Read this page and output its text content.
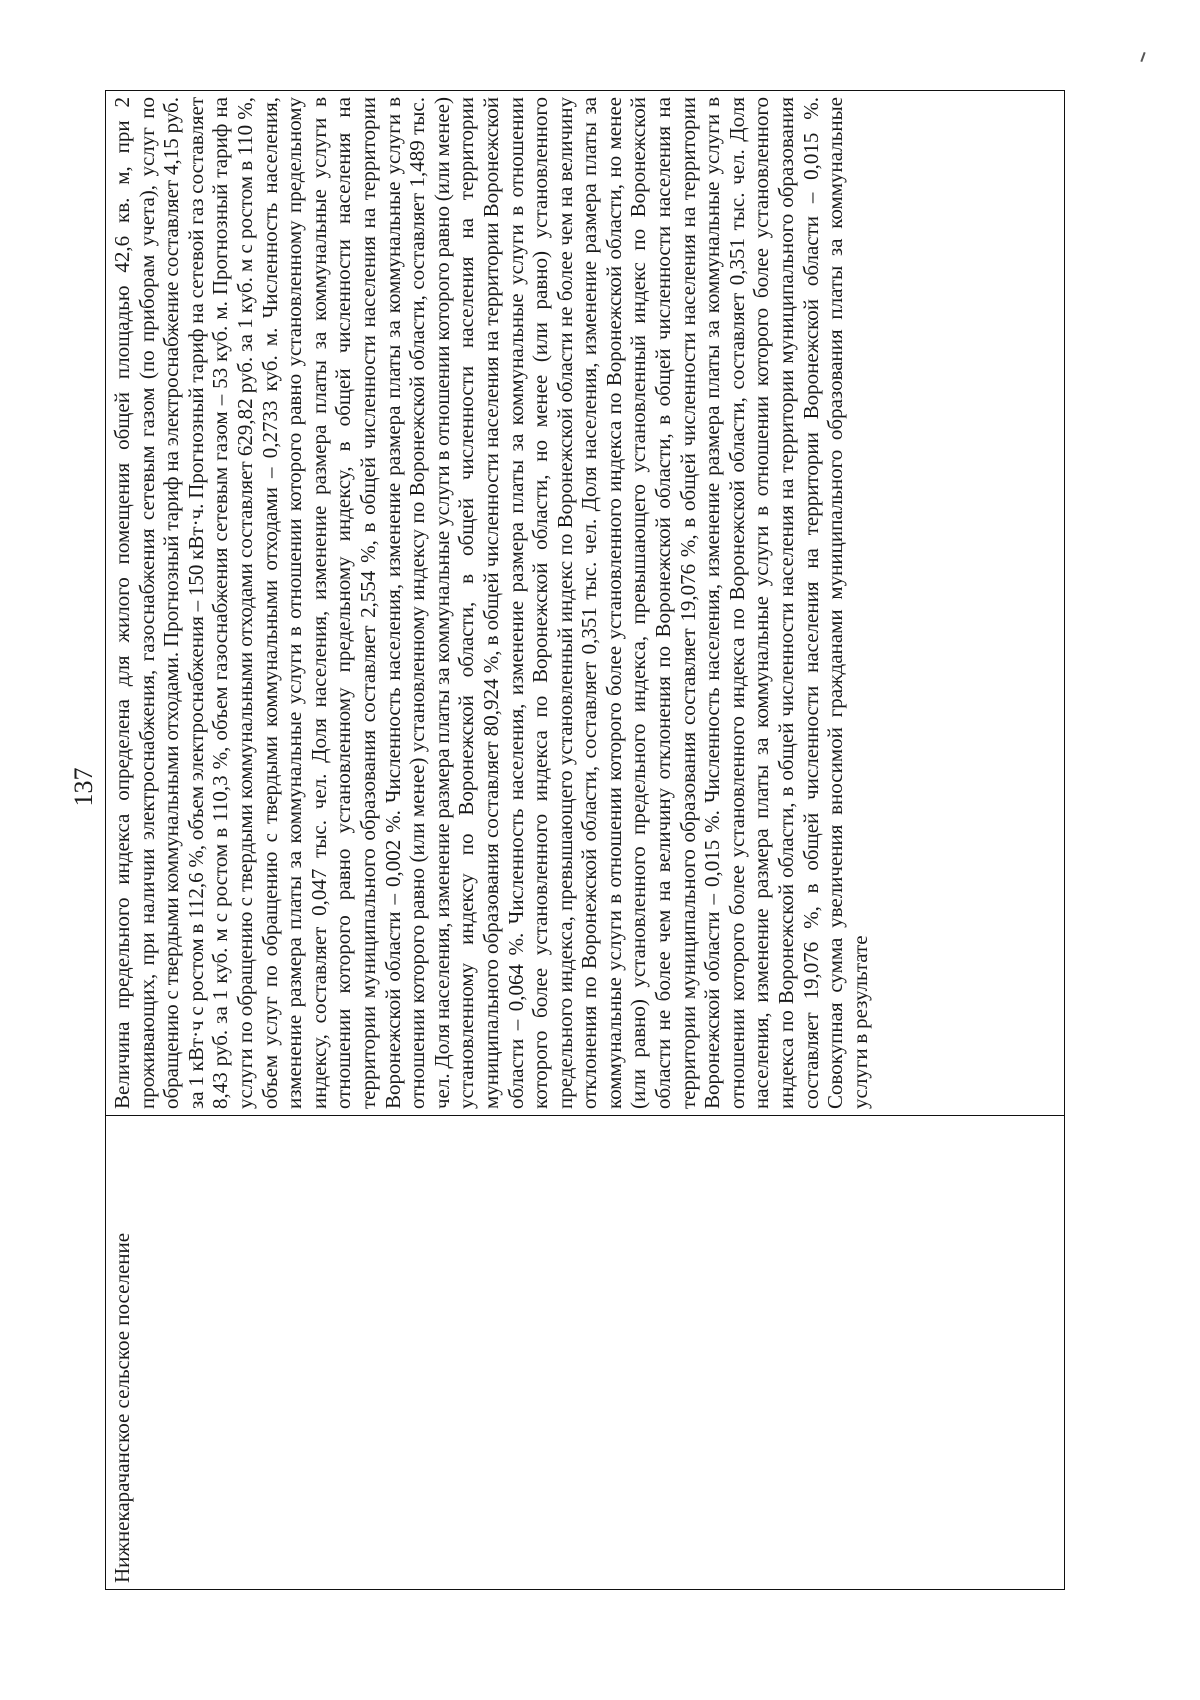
137
Нижнекарачанское сельское поселение
Величина предельного индекса определена для жилого помещения общей площадью 42,6 кв. м, при 2 проживающих, при наличии электроснабжения, газоснабжения сетевым газом (по приборам учета), услуг по обращению с твердыми коммунальными отходами. Прогнозный тариф на электроснабжение составляет 4,15 руб. за 1 кВт·ч с ростом в 112,6 %, объем электроснабжения – 150 кВт·ч. Прогнозный тариф на сетевой газ составляет 8,43 руб. за 1 куб. м с ростом в 110,3 %, объем газоснабжения сетевым газом – 53 куб. м. Прогнозный тариф на услуги по обращению с твердыми коммунальными отходами составляет 629,82 руб. за 1 куб. м с ростом в 110 %, объем услуг по обращению с твердыми коммунальными отходами – 0,2733 куб. м. Численность населения, изменение размера платы за коммунальные услуги в отношении которого равно установленному предельному индексу, составляет 0,047 тыс. чел. Доля населения, изменение размера платы за коммунальные услуги в отношении которого равно установленному предельному индексу, в общей численности населения на территории муниципального образования составляет 2,554 %, в общей численности населения на территории Воронежской области – 0,002 %. Численность населения, изменение размера платы за коммунальные услуги в отношении которого равно (или менее) установленному индексу по Воронежской области, составляет 1,489 тыс. чел. Доля населения, изменение размера платы за коммунальные услуги в отношении которого равно (или менее) установленному индексу по Воронежской области, в общей численности населения на территории муниципального образования составляет 80,924 %, в общей численности населения на территории Воронежской области – 0,064 %. Численность населения, изменение размера платы за коммунальные услуги в отношении которого более установленного индекса по Воронежской области, но менее (или равно) установленного предельного индекса, превышающего установленный индекс по Воронежской области не более чем на величину отклонения по Воронежской области, составляет 0,351 тыс. чел. Доля населения, изменение размера платы за коммунальные услуги в отношении которого более установленного индекса по Воронежской области, но менее (или равно) установленного предельного индекса, превышающего установленный индекс по Воронежской области не более чем на величину отклонения по Воронежской области, в общей численности населения на территории муниципального образования составляет 19,076 %, в общей численности населения на территории Воронежской области – 0,015 %. Численность населения, изменение размера платы за коммунальные услуги в отношении которого более установленного индекса по Воронежской области, составляет 0,351 тыс. чел. Доля населения, изменение размера платы за коммунальные услуги в отношении которого более установленного индекса по Воронежской области, в общей численности населения на территории муниципального образования составляет 19,076 %, в общей численности населения на территории Воронежской области – 0,015 %. Совокупная сумма увеличения вносимой гражданами муниципального образования платы за коммунальные услуги в результате
